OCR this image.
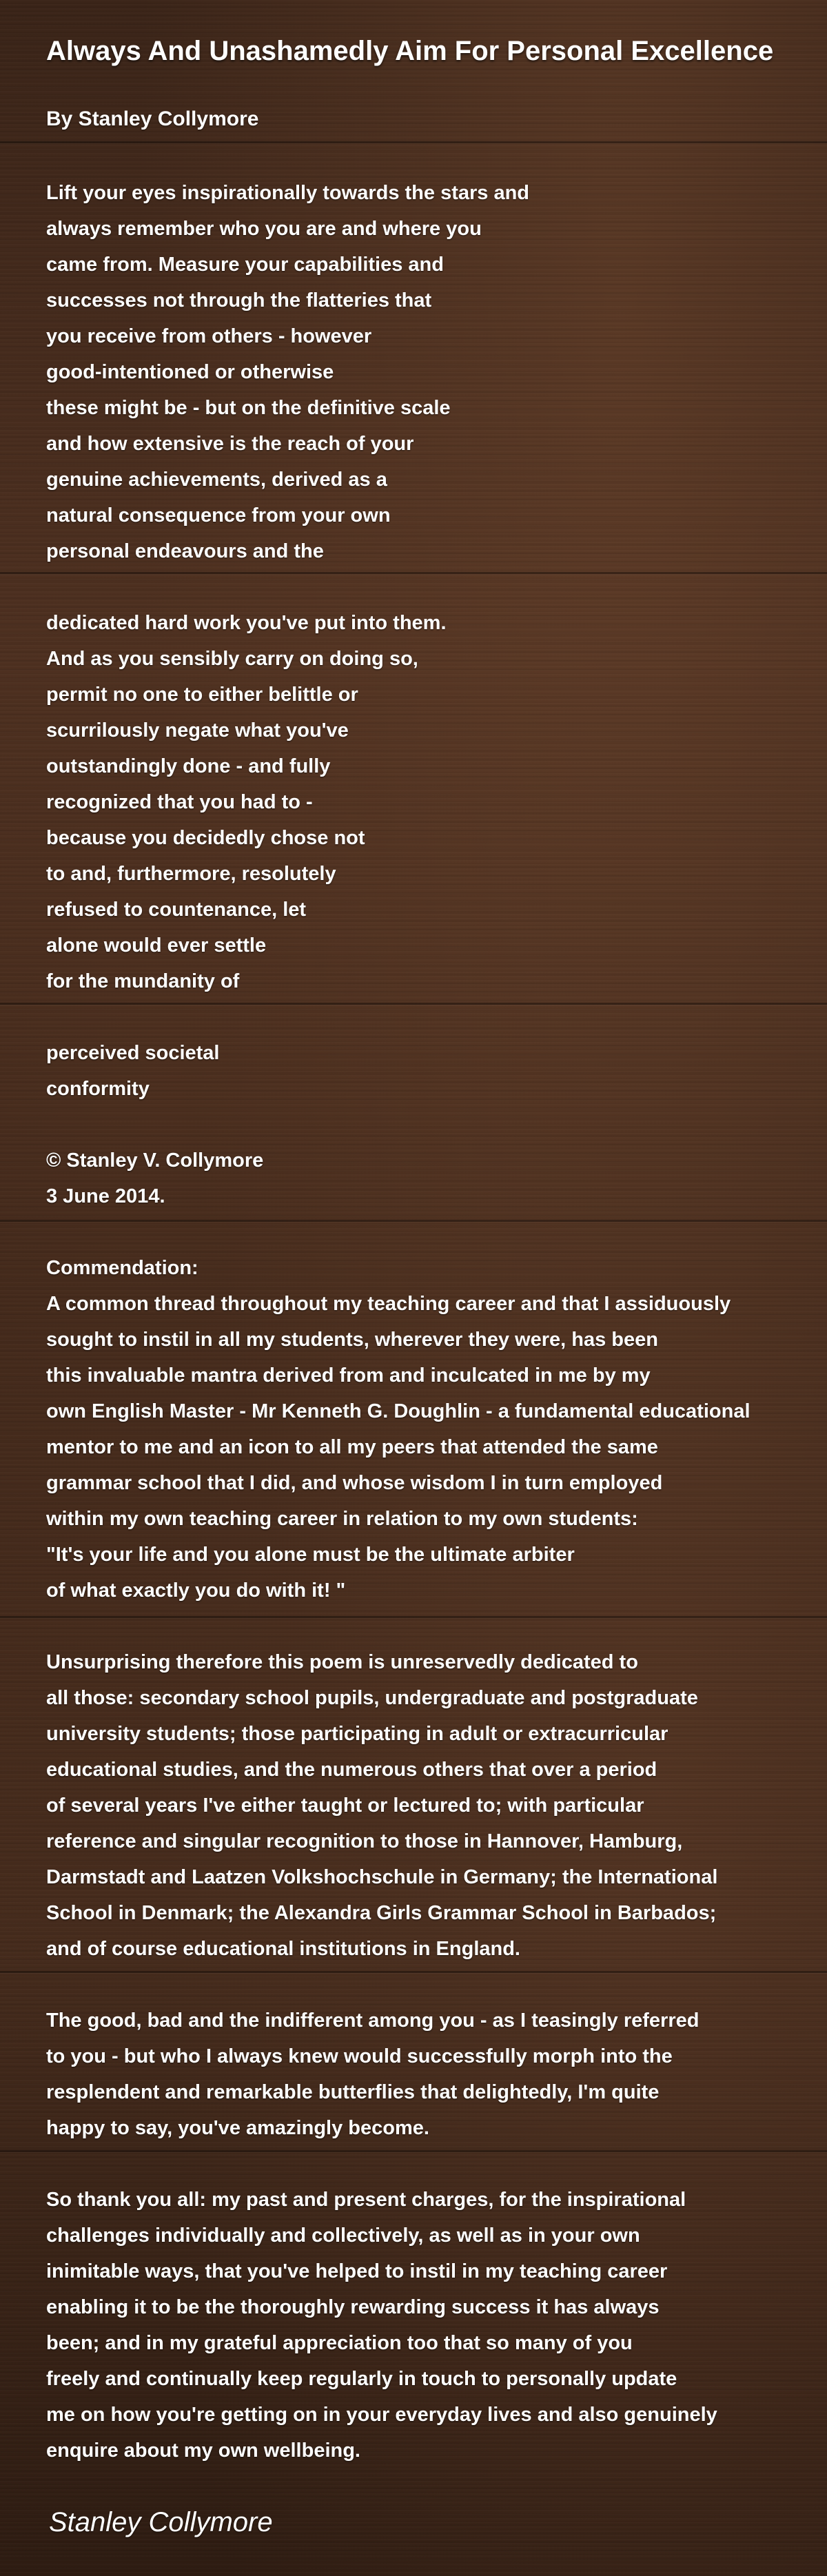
Always And Unashamedly Aim For Personal Excellence
By Stanley Collymore
Lift your eyes inspirationally towards the stars and
always remember who you are and where you
came from. Measure your capabilities and
successes not through the flatteries that
you receive from others - however
good-intentioned or otherwise
these might be - but on the definitive scale
and how extensive is the reach of your
genuine achievements, derived as a
natural consequence from your own
personal endeavours and the
dedicated hard work you've put into them.
And as you sensibly carry on doing so,
permit no one to either belittle or
scurrilously negate what you've
outstandingly done - and fully
recognized that you had to -
because you decidedly chose not
to and, furthermore, resolutely
refused to countenance, let
alone would ever settle
for the mundanity of
perceived societal
conformity
© Stanley V. Collymore
3 June 2014.
Commendation:
A common thread throughout my teaching career and that I assiduously
sought to instil in all my students, wherever they were, has been
this invaluable mantra derived from and inculcated in me by my
own English Master - Mr Kenneth G. Doughlin - a fundamental educational
mentor to me and an icon to all my peers that attended the same
grammar school that I did, and whose wisdom I in turn employed
within my own teaching career in relation to my own students:
"It's your life and you alone must be the ultimate arbiter
of what exactly you do with it! "
Unsurprising therefore this poem is unreservedly dedicated to
all those: secondary school pupils, undergraduate and postgraduate
university students; those participating in adult or extracurricular
educational studies, and the numerous others that over a period
of several years I've either taught or lectured to; with particular
reference and singular recognition to those in Hannover, Hamburg,
Darmstadt and Laatzen Volkshochschule in Germany; the International
School in Denmark; the Alexandra Girls Grammar School in Barbados;
and of course educational institutions in England.
The good, bad and the indifferent among you - as I teasingly referred
to you - but who I always knew would successfully morph into the
resplendent and remarkable butterflies that delightedly, I'm quite
happy to say, you've amazingly become.
So thank you all: my past and present charges, for the inspirational
challenges individually and collectively, as well as in your own
inimitable ways, that you've helped to instil in my teaching career
enabling it to be the thoroughly rewarding success it has always
been; and in my grateful appreciation too that so many of you
freely and continually keep regularly in touch to personally update
me on how you're getting on in your everyday lives and also genuinely
enquire about my own wellbeing.
Stanley Collymore
